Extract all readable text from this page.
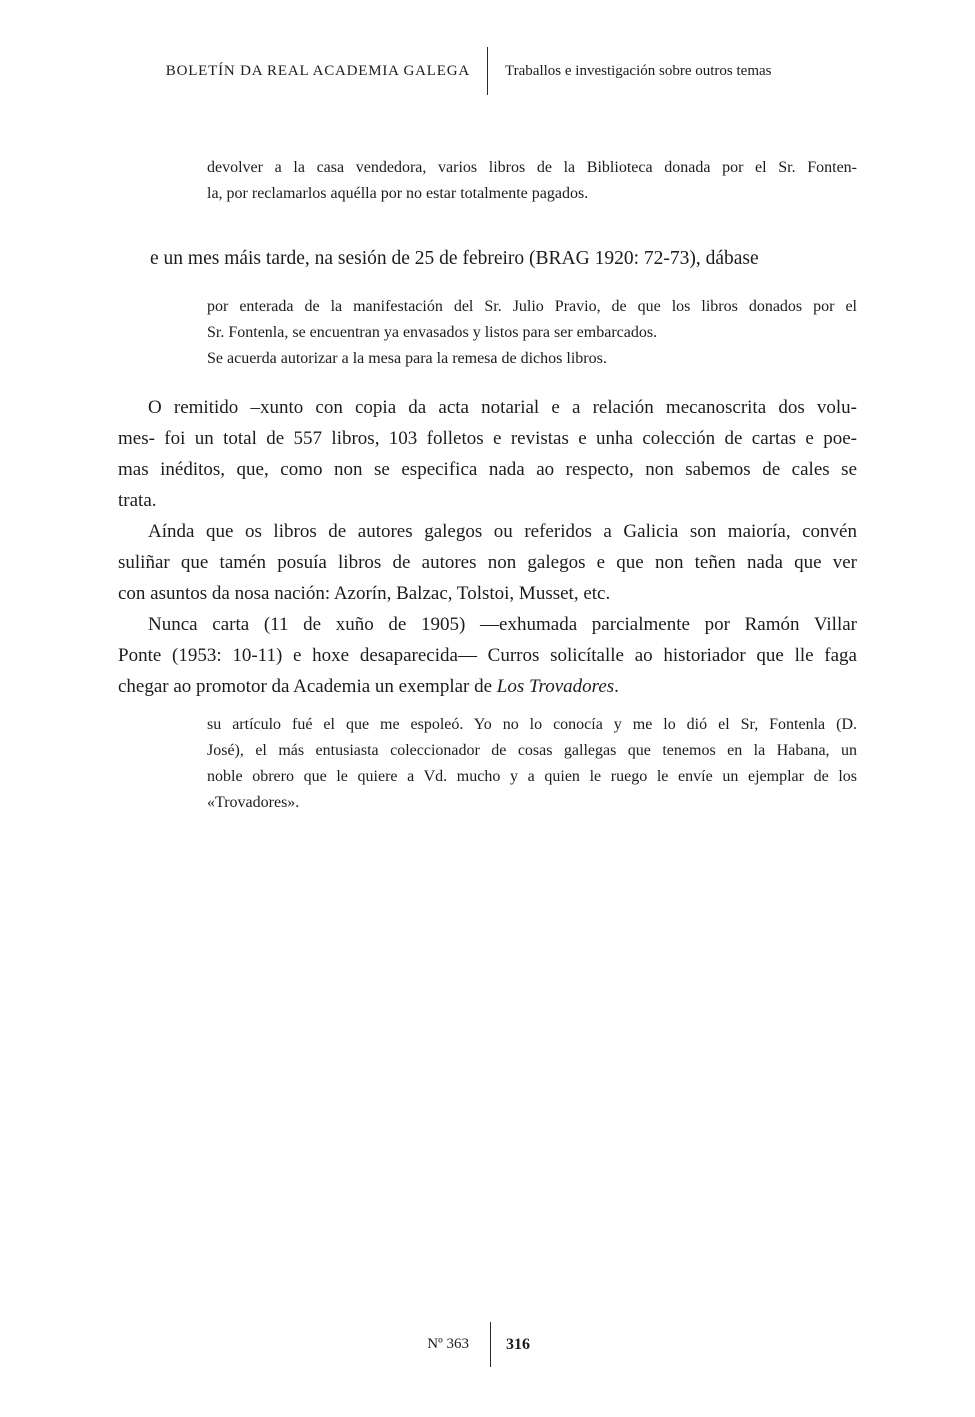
BOLETÍN DA REAL ACADEMIA GALEGA	Traballos e investigación sobre outros temas
devolver a la casa vendedora, varios libros de la Biblioteca donada por el Sr. Fonten-
la, por reclamarlos aquélla por no estar totalmente pagados.
e un mes máis tarde, na sesión de 25 de febreiro (BRAG 1920: 72-73), dábase
por enterada de la manifestación del Sr. Julio Pravio, de que los libros donados por el
Sr. Fontenla, se encuentran ya envasados y listos para ser embarcados.
Se acuerda autorizar a la mesa para la remesa de dichos libros.
O remitido –xunto con copia da acta notarial e a relación mecanoscrita dos volu-
mes- foi un total de 557 libros, 103 folletos e revistas e unha colección de cartas e poe-
mas inéditos, que, como non se especifica nada ao respecto, non sabemos de cales se
trata.
Aínda que os libros de autores galegos ou referidos a Galicia son maioría, convén
suliñar que tamén posuía libros de autores non galegos e que non teñen nada que ver
con asuntos da nosa nación: Azorín, Balzac, Tolstoi, Musset, etc.
Nunca carta (11 de xuño de 1905) —exhumada parcialmente por Ramón Villar
Ponte (1953: 10-11) e hoxe desaparecida— Curros solicítalle ao historiador que lle faga
chegar ao promotor da Academia un exemplar de Los Trovadores.
su artículo fué el que me espoleó. Yo no lo conocía y me lo dió el Sr, Fontenla (D.
José), el más entusiasta coleccionador de cosas gallegas que tenemos en la Habana, un
noble obrero que le quiere a Vd. mucho y a quien le ruego le envíe un ejemplar de los
«Trovadores».
Nº 363	316
